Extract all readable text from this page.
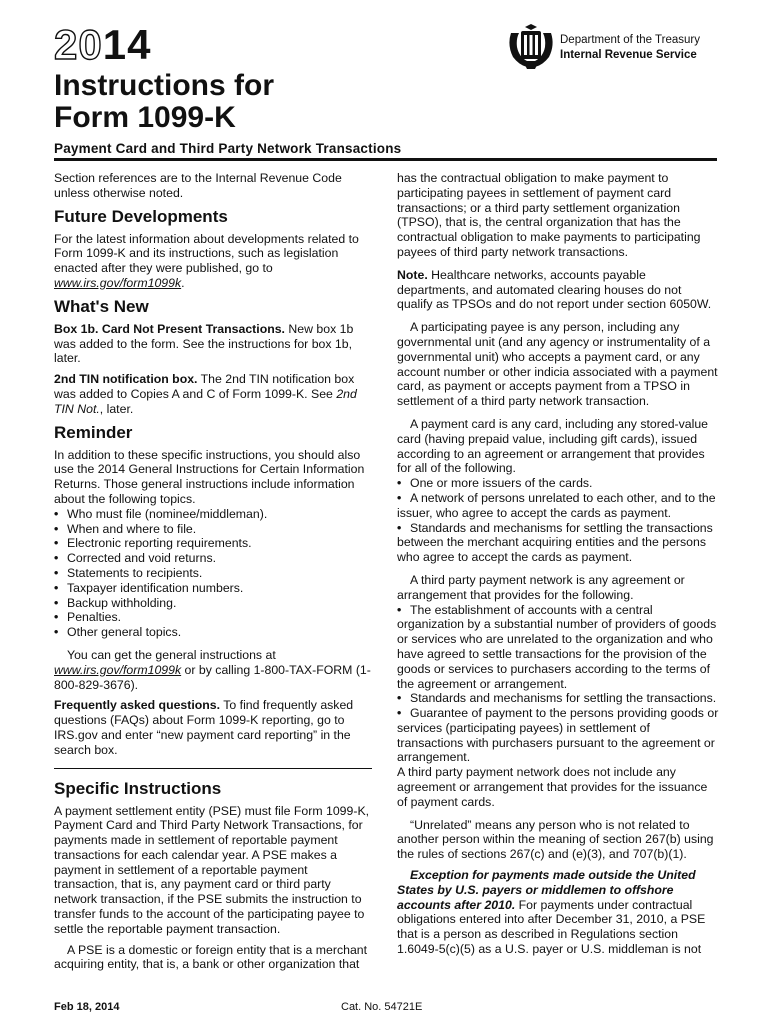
2014
Instructions for
Form 1099-K
Payment Card and Third Party Network Transactions
Department of the Treasury
Internal Revenue Service

Section references are to the Internal Revenue Code unless otherwise noted.

Future Developments

For the latest information about developments related to Form 1099-K and its instructions, such as legislation enacted after they were published, go to www.irs.gov/form1099k.

What's New

Box 1b. Card Not Present Transactions. New box 1b was added to the form. See the instructions for box 1b, later.

2nd TIN notification box. The 2nd TIN notification box was added to Copies A and C of Form 1099-K. See 2nd TIN Not., later.

Reminder

In addition to these specific instructions, you should also use the 2014 General Instructions for Certain Information Returns. Those general instructions include information about the following topics.

• Who must file (nominee/middleman).
• When and where to file.
• Electronic reporting requirements.
• Corrected and void returns.
• Statements to recipients.
• Taxpayer identification numbers.
• Backup withholding.
• Penalties.
• Other general topics.

You can get the general instructions at www.irs.gov/form1099k or by calling 1-800-TAX-FORM (1-800-829-3676).

Frequently asked questions. To find frequently asked questions (FAQs) about Form 1099-K reporting, go to IRS.gov and enter “new payment card reporting” in the search box.

Specific Instructions

A payment settlement entity (PSE) must file Form 1099-K, Payment Card and Third Party Network Transactions, for payments made in settlement of reportable payment transactions for each calendar year. A PSE makes a payment in settlement of a reportable payment transaction, that is, any payment card or third party network transaction, if the PSE submits the instruction to transfer funds to the account of the participating payee to settle the reportable payment transaction.

A PSE is a domestic or foreign entity that is a merchant acquiring entity, that is, a bank or other organization that

has the contractual obligation to make payment to participating payees in settlement of payment card transactions; or a third party settlement organization (TPSO), that is, the central organization that has the contractual obligation to make payments to participating payees of third party network transactions.

Note. Healthcare networks, accounts payable departments, and automated clearing houses do not qualify as TPSOs and do not report under section 6050W.

A participating payee is any person, including any governmental unit (and any agency or instrumentality of a governmental unit) who accepts a payment card, or any account number or other indicia associated with a payment card, as payment or accepts payment from a TPSO in settlement of a third party network transaction.

A payment card is any card, including any stored-value card (having prepaid value, including gift cards), issued according to an agreement or arrangement that provides for all of the following.

• One or more issuers of the cards.
• A network of persons unrelated to each other, and to the issuer, who agree to accept the cards as payment.
• Standards and mechanisms for settling the transactions between the merchant acquiring entities and the persons who agree to accept the cards as payment.

A third party payment network is any agreement or arrangement that provides for the following.

• The establishment of accounts with a central organization by a substantial number of providers of goods or services who are unrelated to the organization and who have agreed to settle transactions for the provision of the goods or services to purchasers according to the terms of the agreement or arrangement.
• Standards and mechanisms for settling the transactions.
• Guarantee of payment to the persons providing goods or services (participating payees) in settlement of transactions with purchasers pursuant to the agreement or arrangement.

A third party payment network does not include any agreement or arrangement that provides for the issuance of payment cards.

“Unrelated” means any person who is not related to another person within the meaning of section 267(b) using the rules of sections 267(c) and (e)(3), and 707(b)(1).

Exception for payments made outside the United States by U.S. payers or middlemen to offshore accounts after 2010. For payments under contractual obligations entered into after December 31, 2010, a PSE that is a person as described in Regulations section 1.6049-5(c)(5) as a U.S. payer or U.S. middleman is not

Feb 18, 2014	Cat. No. 54721E
